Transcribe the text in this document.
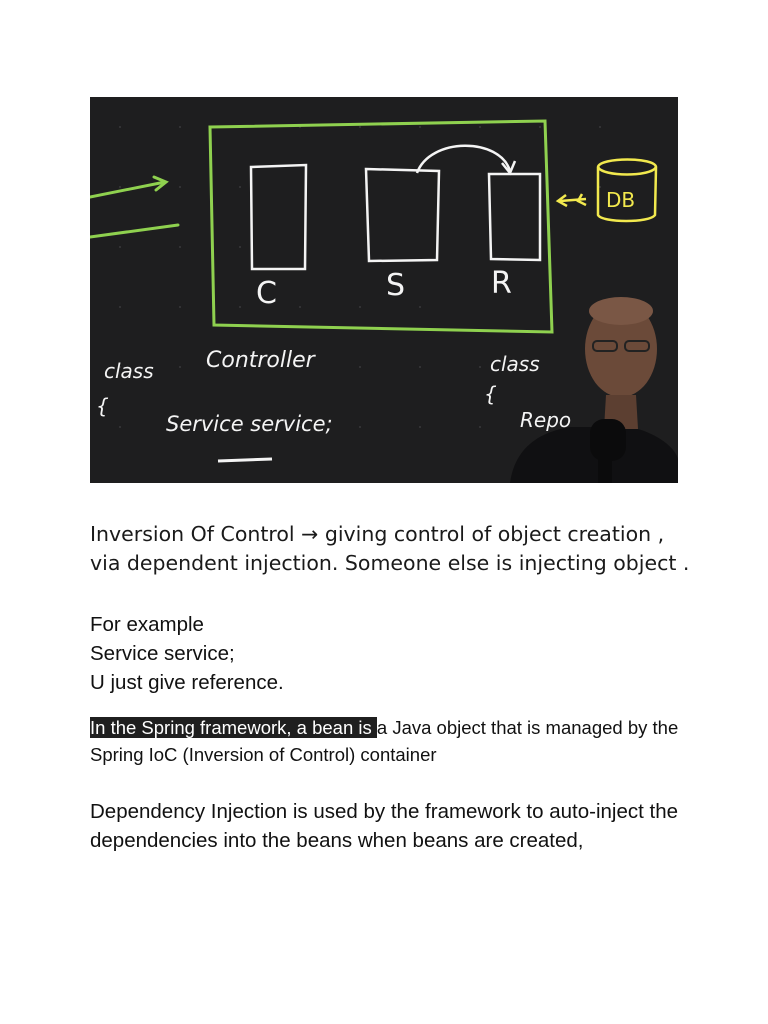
C	S	R
DB
class Controller
{
Service service;
class
{
Repo

Inversion Of Control → giving control of object creation , via dependent injection. Someone else is injecting object .

For example

Service service;

U just give reference.

In the Spring framework, a bean is a Java object that is managed by the Spring IoC (Inversion of Control) container

Dependency Injection is used by the framework to auto-inject the dependencies into the beans when beans are created,
